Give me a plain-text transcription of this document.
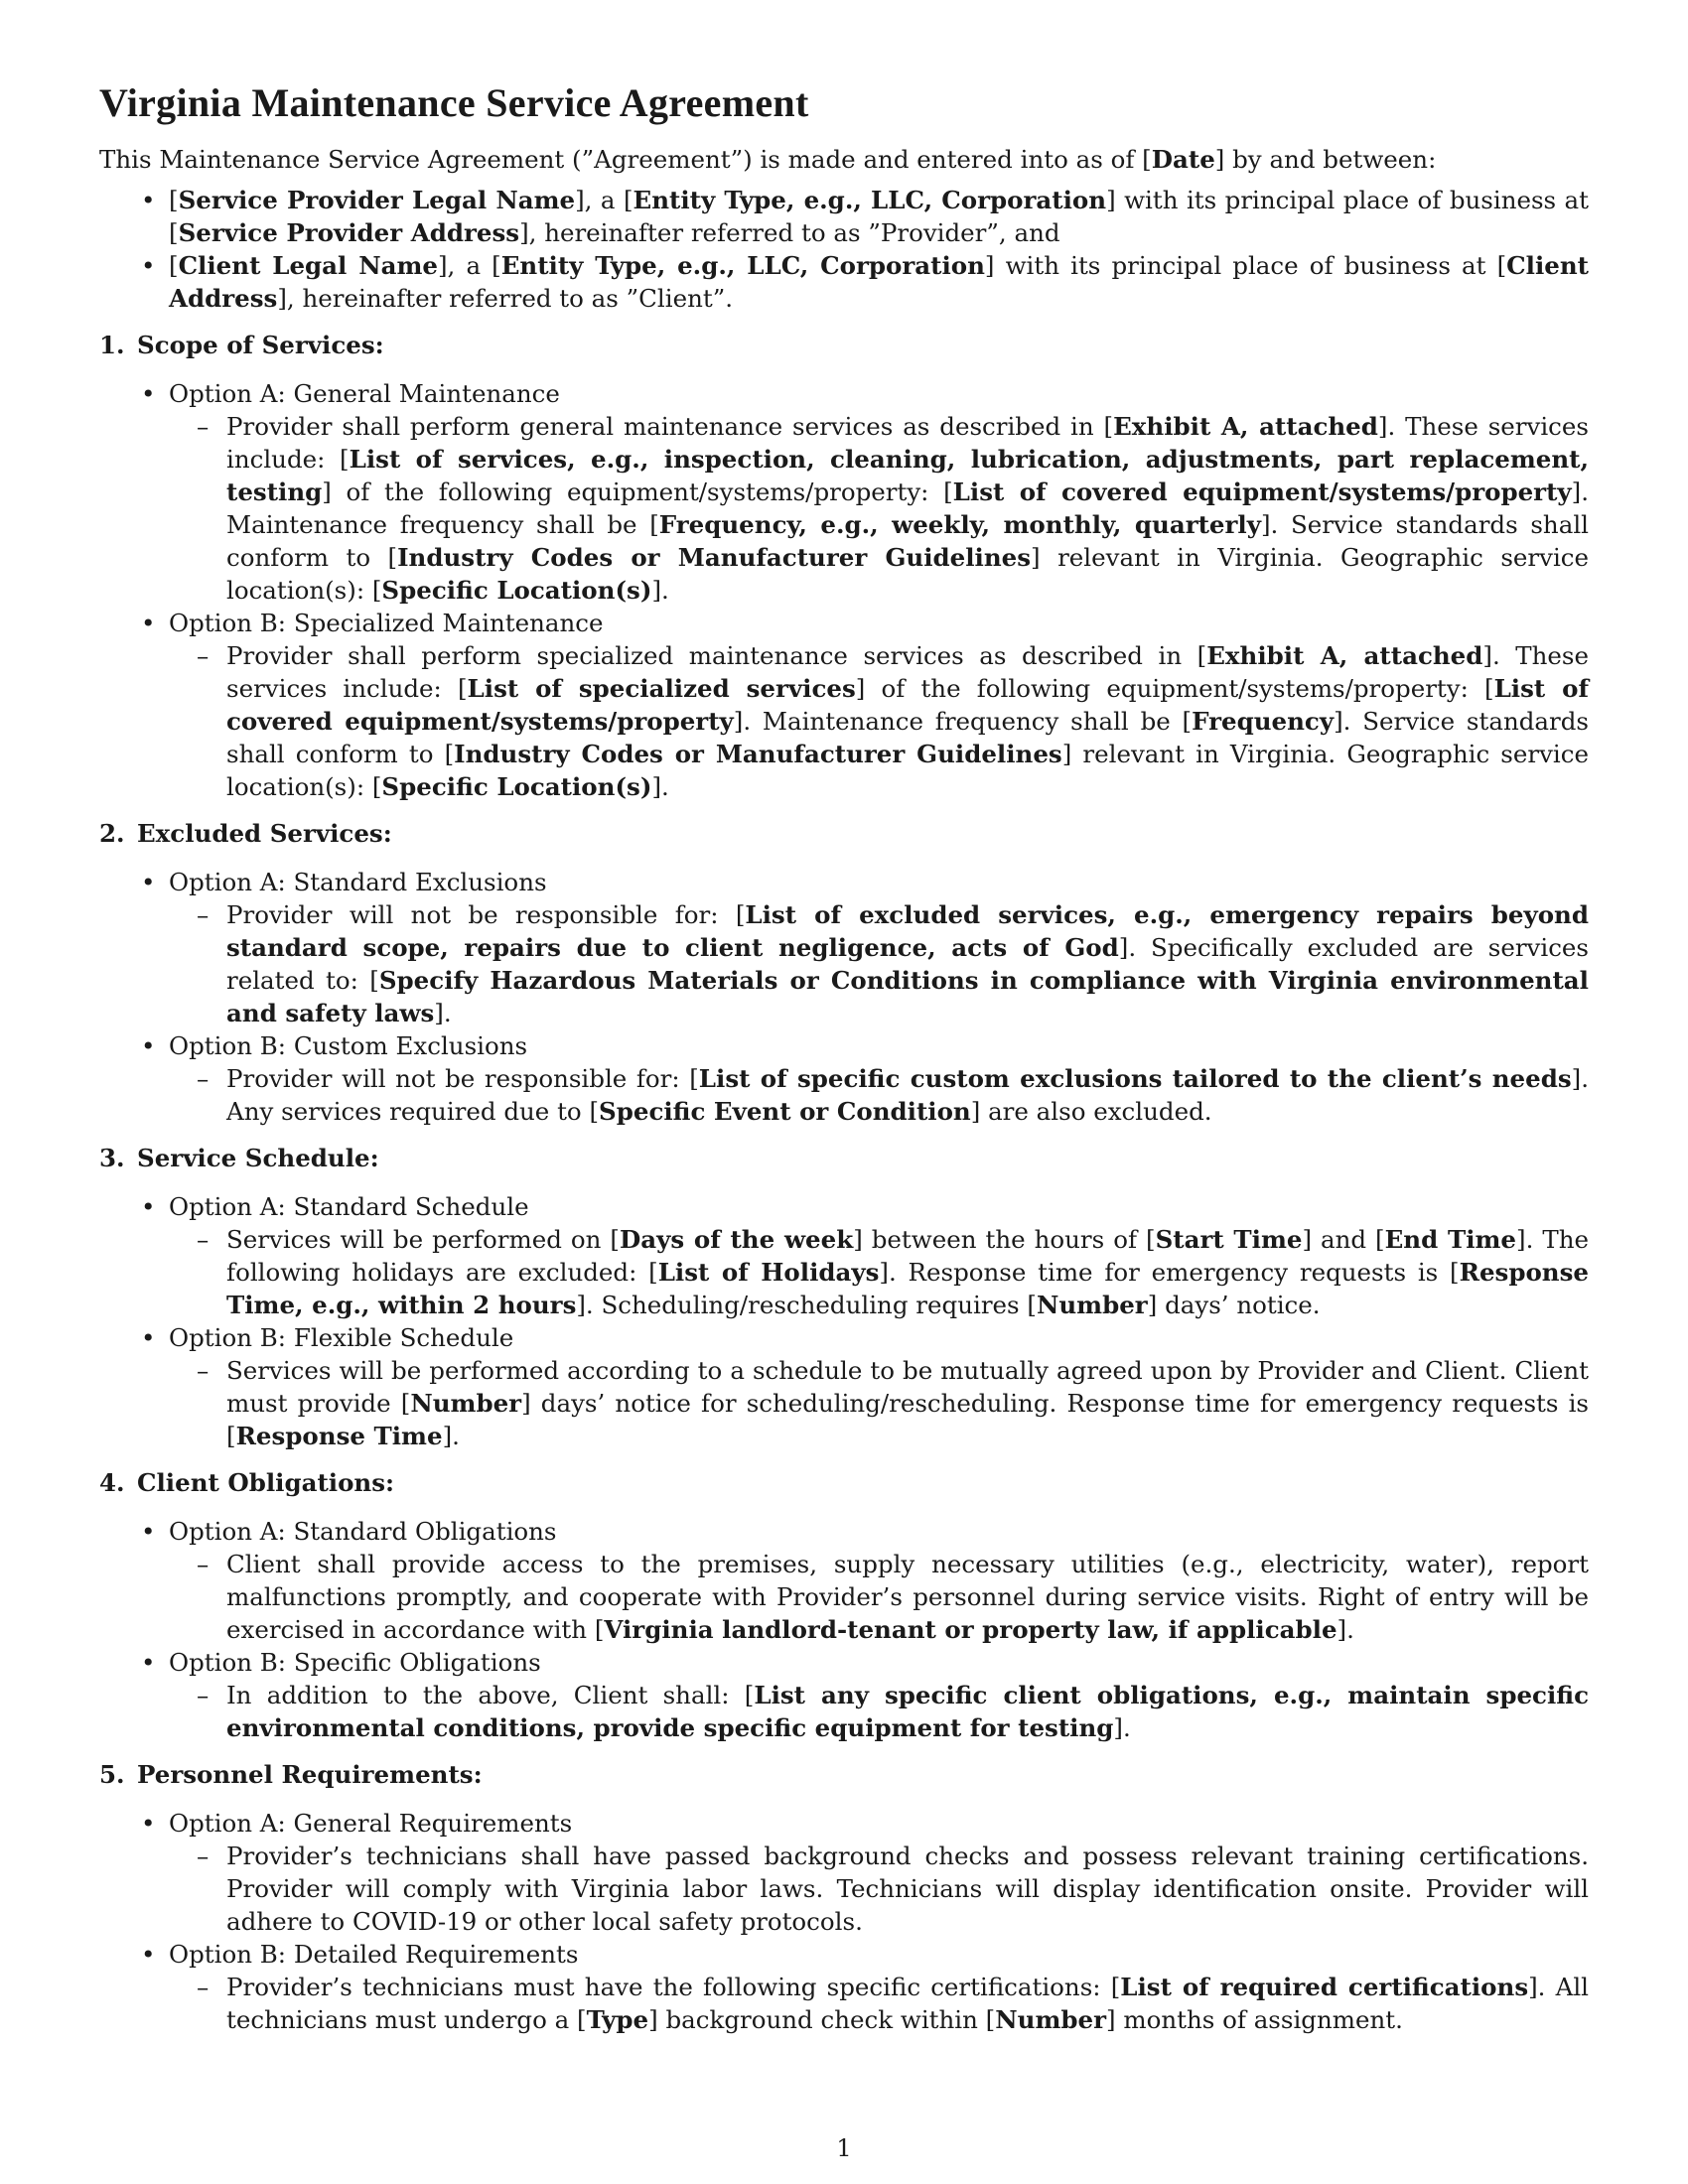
Virginia Maintenance Service Agreement

This Maintenance Service Agreement (”Agreement”) is made and entered into as of [Date] by and between:

• [Service Provider Legal Name], a [Entity Type, e.g., LLC, Corporation] with its principal place of business at [Service Provider Address], hereinafter referred to as ”Provider”, and
• [Client Legal Name], a [Entity Type, e.g., LLC, Corporation] with its principal place of business at [Client Address], hereinafter referred to as ”Client”.
1. Scope of Services:
• Option A: General Maintenance
– Provider shall perform general maintenance services as described in [Exhibit A, attached]. These services include: [List of services, e.g., inspection, cleaning, lubrication, adjustments, part replacement, testing] of the following equipment/systems/property: [List of covered equipment/systems/property]. Maintenance frequency shall be [Frequency, e.g., weekly, monthly, quarterly]. Service standards shall conform to [Industry Codes or Manufacturer Guidelines] relevant in Virginia. Geographic service location(s): [Specific Location(s)].
• Option B: Specialized Maintenance
– Provider shall perform specialized maintenance services as described in [Exhibit A, attached]. These services include: [List of specialized services] of the following equipment/systems/property: [List of covered equipment/systems/property]. Maintenance frequency shall be [Frequency]. Service standards shall conform to [Industry Codes or Manufacturer Guidelines] relevant in Virginia. Geographic service location(s): [Specific Location(s)].
2. Excluded Services:
• Option A: Standard Exclusions
– Provider will not be responsible for: [List of excluded services, e.g., emergency repairs beyond standard scope, repairs due to client negligence, acts of God]. Specifically excluded are services related to: [Specify Hazardous Materials or Conditions in compliance with Virginia environmental and safety laws].
• Option B: Custom Exclusions
– Provider will not be responsible for: [List of specific custom exclusions tailored to the client’s needs]. Any services required due to [Specific Event or Condition] are also excluded.
3. Service Schedule:
• Option A: Standard Schedule
– Services will be performed on [Days of the week] between the hours of [Start Time] and [End Time]. The following holidays are excluded: [List of Holidays]. Response time for emergency requests is [Response Time, e.g., within 2 hours]. Scheduling/rescheduling requires [Number] days’ notice.
• Option B: Flexible Schedule
– Services will be performed according to a schedule to be mutually agreed upon by Provider and Client. Client must provide [Number] days’ notice for scheduling/rescheduling. Response time for emergency requests is [Response Time].
4. Client Obligations:
• Option A: Standard Obligations
– Client shall provide access to the premises, supply necessary utilities (e.g., electricity, water), report malfunctions promptly, and cooperate with Provider’s personnel during service visits. Right of entry will be exercised in accordance with [Virginia landlord-tenant or property law, if applicable].
• Option B: Specific Obligations
– In addition to the above, Client shall: [List any specific client obligations, e.g., maintain specific environmental conditions, provide specific equipment for testing].
5. Personnel Requirements:
• Option A: General Requirements
– Provider’s technicians shall have passed background checks and possess relevant training certifications. Provider will comply with Virginia labor laws. Technicians will display identification onsite. Provider will adhere to COVID-19 or other local safety protocols.
• Option B: Detailed Requirements
– Provider’s technicians must have the following specific certifications: [List of required certifications]. All technicians must undergo a [Type] background check within [Number] months of assignment.
1
